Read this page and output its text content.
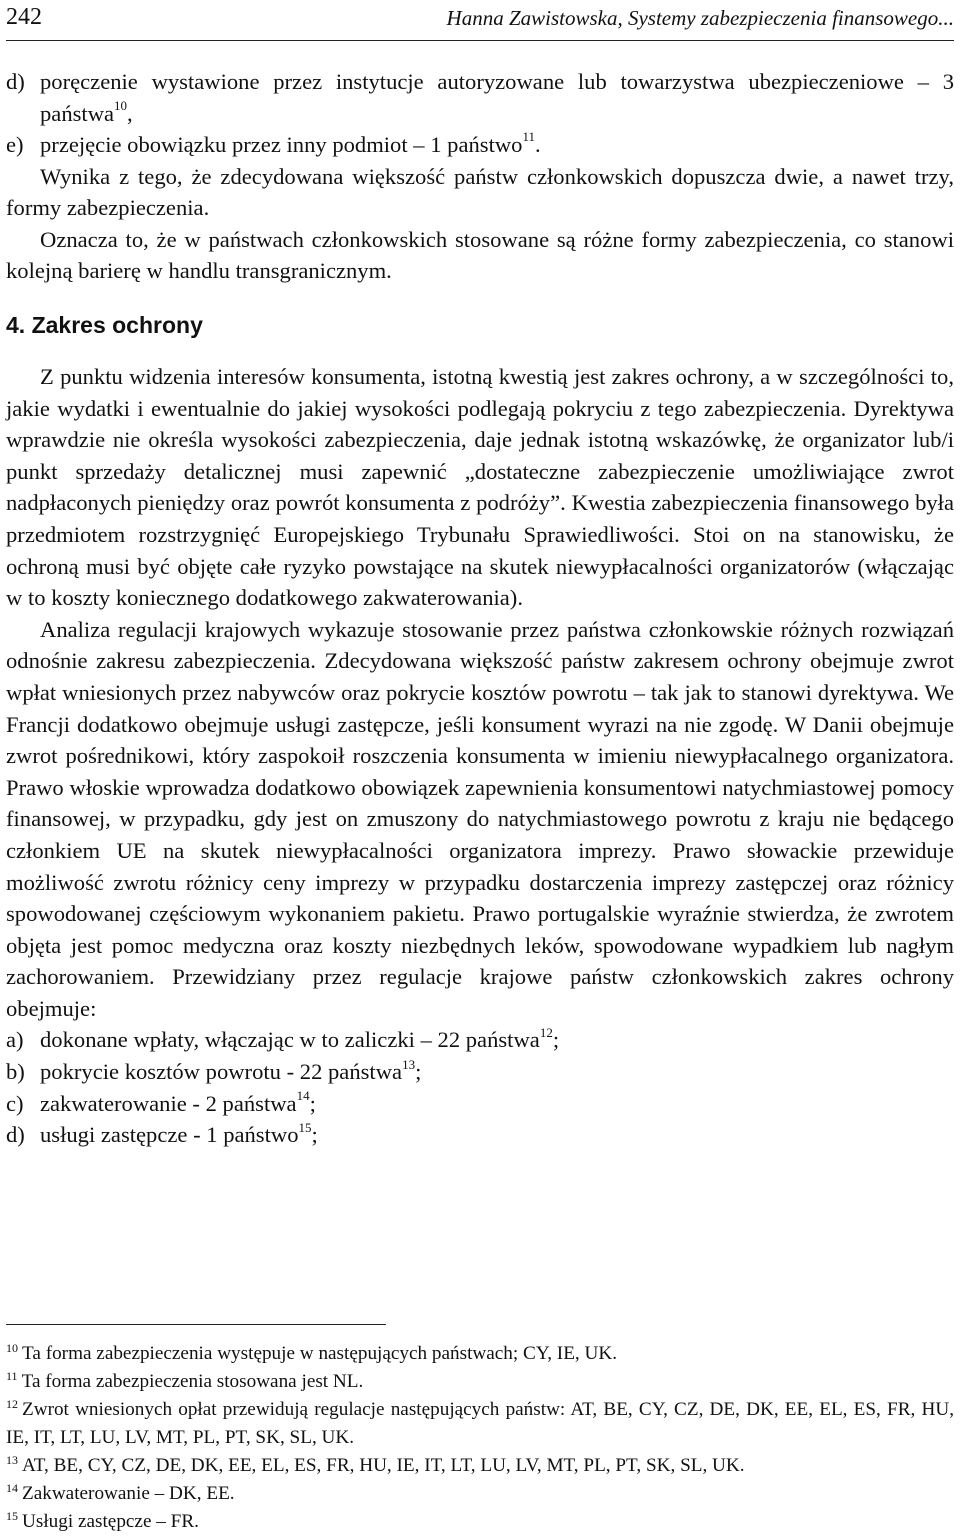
242	Hanna Zawistowska, Systemy zabezpieczenia finansowego...
d) poręczenie wystawione przez instytucje autoryzowane lub towarzystwa ubezpieczeniowe – 3 państwa$^{10}$,
e) przejęcie obowiązku przez inny podmiot – 1 państwo$^{11}$.

Wynika z tego, że zdecydowana większość państw członkowskich dopuszcza dwie, a nawet trzy, formy zabezpieczenia.

Oznacza to, że w państwach członkowskich stosowane są różne formy zabezpieczenia, co stanowi kolejną barierę w handlu transgranicznym.

4. Zakres ochrony

Z punktu widzenia interesów konsumenta, istotną kwestią jest zakres ochrony, a w szczególności to, jakie wydatki i ewentualnie do jakiej wysokości podlegają pokryciu z tego zabezpieczenia. Dyrektywa wprawdzie nie określa wysokości zabezpieczenia, daje jednak istotną wskazówkę, że organizator lub/i punkt sprzedaży detalicznej musi zapewnić „dostateczne zabezpieczenie umożliwiające zwrot nadpłaconych pieniędzy oraz powrót konsumenta z podróży”. Kwestia zabezpieczenia finansowego była przedmiotem rozstrzygnięć Europejskiego Trybunału Sprawiedliwości. Stoi on na stanowisku, że ochroną musi być objęte całe ryzyko powstające na skutek niewypłacalności organizatorów (włączając w to koszty koniecznego dodatkowego zakwaterowania).

Analiza regulacji krajowych wykazuje stosowanie przez państwa członkowskie różnych rozwiązań odnośnie zakresu zabezpieczenia. Zdecydowana większość państw zakresem ochrony obejmuje zwrot wpłat wniesionych przez nabywców oraz pokrycie kosztów powrotu – tak jak to stanowi dyrektywa. We Francji dodatkowo obejmuje usługi zastępcze, jeśli konsument wyrazi na nie zgodę. W Danii obejmuje zwrot pośrednikowi, który zaspokoił roszczenia konsumenta w imieniu niewypłacalnego organizatora. Prawo włoskie wprowadza dodatkowo obowiązek zapewnienia konsumentowi natychmiastowej pomocy finansowej, w przypadku, gdy jest on zmuszony do natychmiastowego powrotu z kraju nie będącego członkiem UE na skutek niewypłacalności organizatora imprezy. Prawo słowackie przewiduje możliwość zwrotu różnicy ceny imprezy w przypadku dostarczenia imprezy zastępczej oraz różnicy spowodowanej częściowym wykonaniem pakietu. Prawo portugalskie wyraźnie stwierdza, że zwrotem objęta jest pomoc medyczna oraz koszty niezbędnych leków, spowodowane wypadkiem lub nagłym zachorowaniem. Przewidziany przez regulacje krajowe państw członkowskich zakres ochrony obejmuje:

a) dokonane wpłaty, włączając w to zaliczki – 22 państwa$^{12}$;
b) pokrycie kosztów powrotu - 22 państwa$^{13}$;
c) zakwaterowanie - 2 państwa$^{14}$;
d) usługi zastępcze - 1 państwo$^{15}$;

$^{10}$ Ta forma zabezpieczenia występuje w następujących państwach; CY, IE, UK.

$^{11}$ Ta forma zabezpieczenia stosowana jest NL.

$^{12}$ Zwrot wniesionych opłat przewidują regulacje następujących państw: AT, BE, CY, CZ, DE, DK, EE, EL, ES, FR, HU, IE, IT, LT, LU, LV, MT, PL, PT, SK, SL, UK.

$^{13}$ AT, BE, CY, CZ, DE, DK, EE, EL, ES, FR, HU, IE, IT, LT, LU, LV, MT, PL, PT, SK, SL, UK.

$^{14}$ Zakwaterowanie – DK, EE.

$^{15}$ Usługi zastępcze – FR.
